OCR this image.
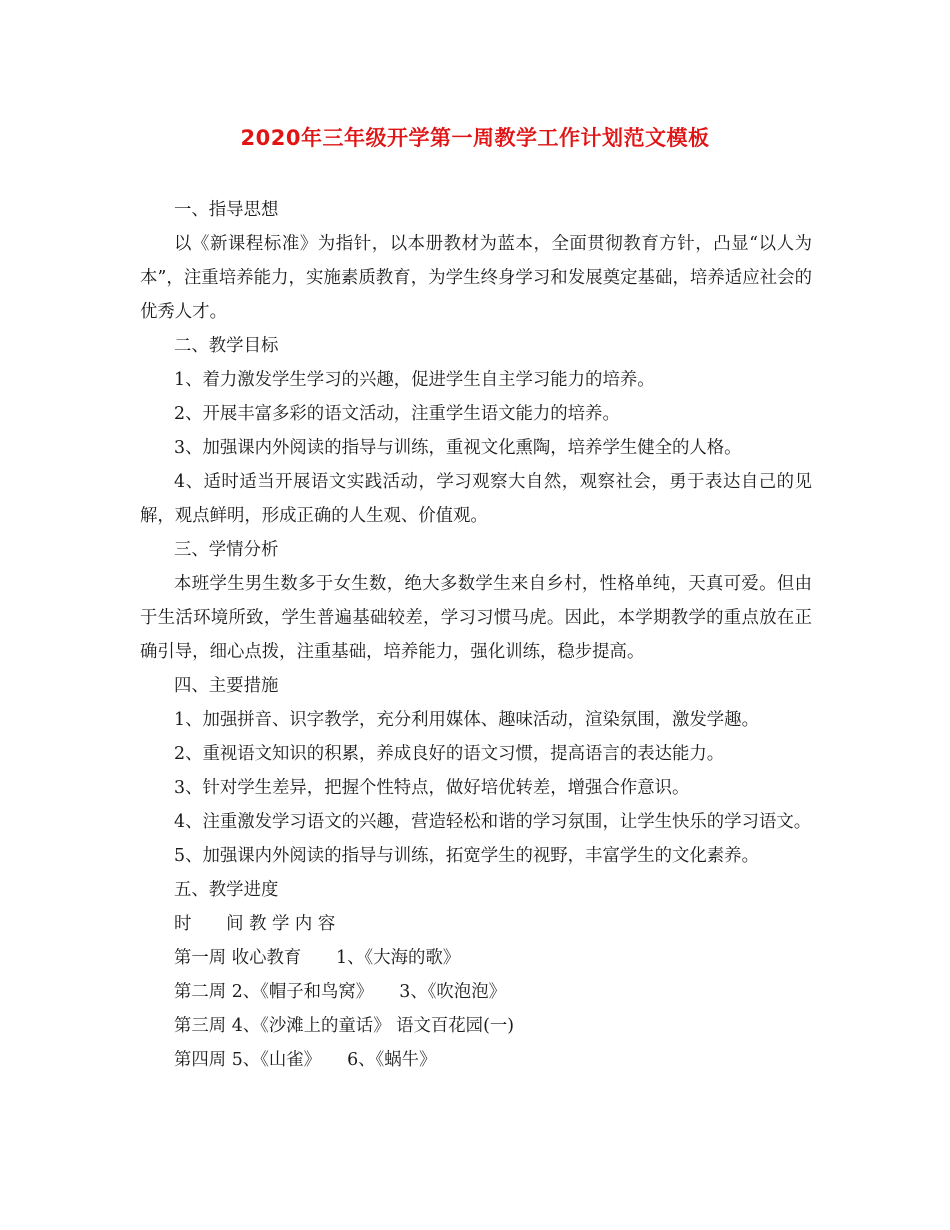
2020年三年级开学第一周教学工作计划范文模板

一、指导思想

以《新课程标准》为指针，以本册教材为蓝本，全面贯彻教育方针，凸显“以人为本”，注重培养能力，实施素质教育，为学生终身学习和发展奠定基础，培养适应社会的优秀人才。

二、教学目标

1、着力激发学生学习的兴趣，促进学生自主学习能力的培养。

2、开展丰富多彩的语文活动，注重学生语文能力的培养。

3、加强课内外阅读的指导与训练，重视文化熏陶，培养学生健全的人格。

4、适时适当开展语文实践活动，学习观察大自然，观察社会，勇于表达自己的见解，观点鲜明，形成正确的人生观、价值观。

三、学情分析

本班学生男生数多于女生数，绝大多数学生来自乡村，性格单纯，天真可爱。但由于生活环境所致，学生普遍基础较差，学习习惯马虎。因此，本学期教学的重点放在正确引导，细心点拨，注重基础，培养能力，强化训练，稳步提高。

四、主要措施

1、加强拼音、识字教学，充分利用媒体、趣味活动，渲染氛围，激发学趣。

2、重视语文知识的积累，养成良好的语文习惯，提高语言的表达能力。

3、针对学生差异，把握个性特点，做好培优转差，增强合作意识。

4、注重激发学习语文的兴趣，营造轻松和谐的学习氛围，让学生快乐的学习语文。

5、加强课内外阅读的指导与训练，拓宽学生的视野，丰富学生的文化素养。

五、教学进度

时　　间 教 学 内 容
第一周 收心教育　　1、《大海的歌》
第二周 2、《帽子和鸟窝》　　3、《吹泡泡》
第三周 4、《沙滩上的童话》 语文百花园(一)
第四周 5、《山雀》　　6、《蜗牛》
